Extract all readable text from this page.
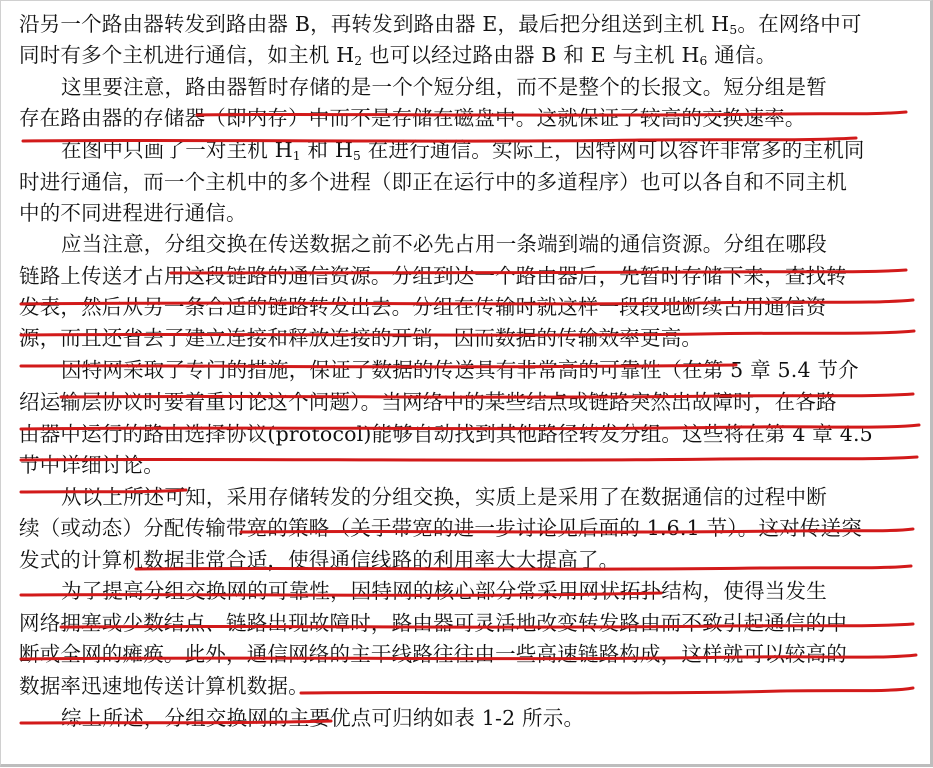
沿另一个路由器转发到路由器 B，再转发到路由器 E，最后把分组送到主机 $H_5$。在网络中可
同时有多个主机进行通信，如主机 $H_2$ 也可以经过路由器 B 和 E 与主机 $H_6$ 通信。
这里要注意，路由器暂时存储的是一个个短分组，而不是整个的长报文。短分组是暂
存在路由器的存储器（即内存）中而不是存储在磁盘中。这就保证了较高的交换速率。
在图中只画了一对主机 $H_1$ 和 $H_5$ 在进行通信。实际上，因特网可以容许非常多的主机同
时进行通信，而一个主机中的多个进程（即正在运行中的多道程序）也可以各自和不同主机
中的不同进程进行通信。
应当注意，分组交换在传送数据之前不必先占用一条端到端的通信资源。分组在哪段
链路上传送才占用这段链路的通信资源。分组到达一个路由器后，先暂时存储下来，查找转
发表，然后从另一条合适的链路转发出去。分组在传输时就这样一段段地断续占用通信资
源，而且还省去了建立连接和释放连接的开销，因而数据的传输效率更高。
因特网采取了专门的措施，保证了数据的传送具有非常高的可靠性（在第 5 章 5.4 节介
绍运输层协议时要着重讨论这个问题）。当网络中的某些结点或链路突然出故障时，在各路
由器中运行的路由选择协议(protocol)能够自动找到其他路径转发分组。这些将在第 4 章 4.5
节中详细讨论。
从以上所述可知，采用存储转发的分组交换，实质上是采用了在数据通信的过程中断
续（或动态）分配传输带宽的策略（关于带宽的进一步讨论见后面的 1.6.1 节）。这对传送突
发式的计算机数据非常合适，使得通信线路的利用率大大提高了。
为了提高分组交换网的可靠性，因特网的核心部分常采用网状拓扑结构，使得当发生
网络拥塞或少数结点、链路出现故障时，路由器可灵活地改变转发路由而不致引起通信的中
断或全网的瘫痪。此外，通信网络的主干线路往往由一些高速链路构成，这样就可以较高的
数据率迅速地传送计算机数据。
综上所述，分组交换网的主要优点可归纳如表 1-2 所示。
